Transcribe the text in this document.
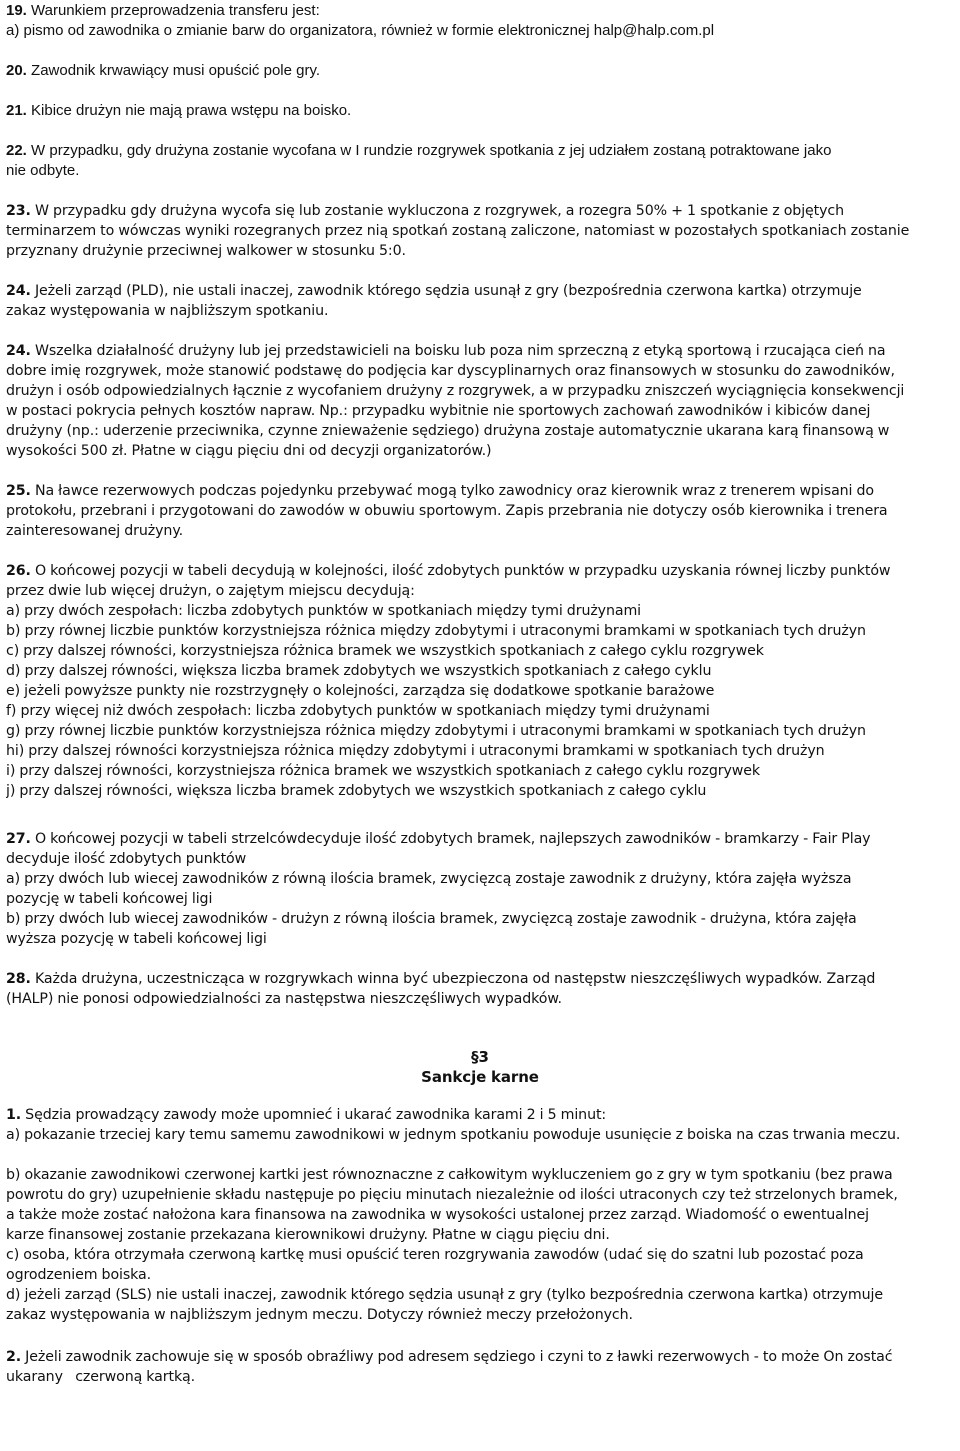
19. Warunkiem przeprowadzenia transferu jest:
a) pismo od zawodnika o zmianie barw do organizatora, również w formie elektronicznej halp@halp.com.pl
20. Zawodnik krwawiący musi opuścić pole gry.
21. Kibice drużyn nie mają prawa wstępu na boisko.
22. W przypadku, gdy drużyna zostanie wycofana w I rundzie rozgrywek spotkania z jej udziałem zostaną potraktowane jako
nie odbyte.
23. W przypadku gdy drużyna wycofa się lub zostanie wykluczona z rozgrywek, a rozegra 50% + 1 spotkanie z objętych
terminarzem to wówczas wyniki rozegranych przez nią spotkań zostaną zaliczone, natomiast w pozostałych spotkaniach zostanie
przyznany drużynie przeciwnej walkower w stosunku 5:0.
24. Jeżeli zarząd (PLD), nie ustali inaczej, zawodnik którego sędzia usunął z gry (bezpośrednia czerwona kartka) otrzymuje
zakaz występowania w najbliższym spotkaniu.
24. Wszelka działalność drużyny lub jej przedstawicieli na boisku lub poza nim sprzeczną z etyką sportową i rzucająca cień na
dobre imię rozgrywek, może stanowić podstawę do podjęcia kar dyscyplinarnych oraz finansowych w stosunku do zawodników,
drużyn i osób odpowiedzialnych łącznie z wycofaniem drużyny z rozgrywek, a w przypadku zniszczeń wyciągnięcia konsekwencji
w postaci pokrycia pełnych kosztów napraw. Np.: przypadku wybitnie nie sportowych zachowań zawodników i kibiców danej
drużyny (np.: uderzenie przeciwnika, czynne znieważenie sędziego) drużyna zostaje automatycznie ukarana karą finansową w
wysokości 500 zł. Płatne w ciągu pięciu dni od decyzji organizatorów.)
25. Na ławce rezerwowych podczas pojedynku przebywać mogą tylko zawodnicy oraz kierownik wraz z trenerem wpisani do
protokołu, przebrani i przygotowani do zawodów w obuwiu sportowym. Zapis przebrania nie dotyczy osób kierownika i trenera
zainteresowanej drużyny.
26. O końcowej pozycji w tabeli decydują w kolejności, ilość zdobytych punktów w przypadku uzyskania równej liczby punktów
przez dwie lub więcej drużyn, o zajętym miejscu decydują:
a) przy dwóch zespołach: liczba zdobytych punktów w spotkaniach między tymi drużynami
b) przy równej liczbie punktów korzystniejsza różnica między zdobytymi i utraconymi bramkami w spotkaniach tych drużyn
c) przy dalszej równości, korzystniejsza różnica bramek we wszystkich spotkaniach z całego cyklu rozgrywek
d) przy dalszej równości, większa liczba bramek zdobytych we wszystkich spotkaniach z całego cyklu
e) jeżeli powyższe punkty nie rozstrzygnęły o kolejności, zarządza się dodatkowe spotkanie barażowe
f) przy więcej niż dwóch zespołach: liczba zdobytych punktów w spotkaniach między tymi drużynami
g) przy równej liczbie punktów korzystniejsza różnica między zdobytymi i utraconymi bramkami w spotkaniach tych drużyn
hi) przy dalszej równości korzystniejsza różnica między zdobytymi i utraconymi bramkami w spotkaniach tych drużyn
i) przy dalszej równości, korzystniejsza różnica bramek we wszystkich spotkaniach z całego cyklu rozgrywek
j) przy dalszej równości, większa liczba bramek zdobytych we wszystkich spotkaniach z całego cyklu
27. O końcowej pozycji w tabeli strzelcówdecyduje ilość zdobytych bramek, najlepszych zawodników - bramkarzy - Fair Play
decyduje ilość zdobytych punktów
a) przy dwóch lub wiecej zawodników z równą ilościa bramek, zwycięzcą zostaje zawodnik z drużyny, która zajęła wyższa
pozycję w tabeli końcowej ligi
b) przy dwóch lub wiecej zawodników - drużyn z równą ilościa bramek, zwycięzcą zostaje zawodnik - drużyna, która zajęła
wyższa pozycję w tabeli końcowej ligi
28. Każda drużyna, uczestnicząca w rozgrywkach winna być ubezpieczona od następstw nieszczęśliwych wypadków. Zarząd
(HALP) nie ponosi odpowiedzialności za następstwa nieszczęśliwych wypadków.
§3
Sankcje karne
1. Sędzia prowadzący zawody może upomnieć i ukarać zawodnika karami 2 i 5 minut:
a) pokazanie trzeciej kary temu samemu zawodnikowi w jednym spotkaniu powoduje usunięcie z boiska na czas trwania meczu.
b) okazanie zawodnikowi czerwonej kartki jest równoznaczne z całkowitym wykluczeniem go z gry w tym spotkaniu (bez prawa
powrotu do gry) uzupełnienie składu następuje po pięciu minutach niezależnie od ilości utraconych czy też strzelonych bramek,
a także może zostać nałożona kara finansowa na zawodnika w wysokości ustalonej przez zarząd. Wiadomość o ewentualnej
karze finansowej zostanie przekazana kierownikowi drużyny. Płatne w ciągu pięciu dni.
c) osoba, która otrzymała czerwoną kartkę musi opuścić teren rozgrywania zawodów (udać się do szatni lub pozostać poza
ogrodzeniem boiska.
d) jeżeli zarząd (SLS) nie ustali inaczej, zawodnik którego sędzia usunął z gry (tylko bezpośrednia czerwona kartka) otrzymuje
zakaz występowania w najbliższym jednym meczu. Dotyczy również meczy przełożonych.
2. Jeżeli zawodnik zachowuje się w sposób obraźliwy pod adresem sędziego i czyni to z ławki rezerwowych - to może On zostać
ukarany   czerwoną kartką.
